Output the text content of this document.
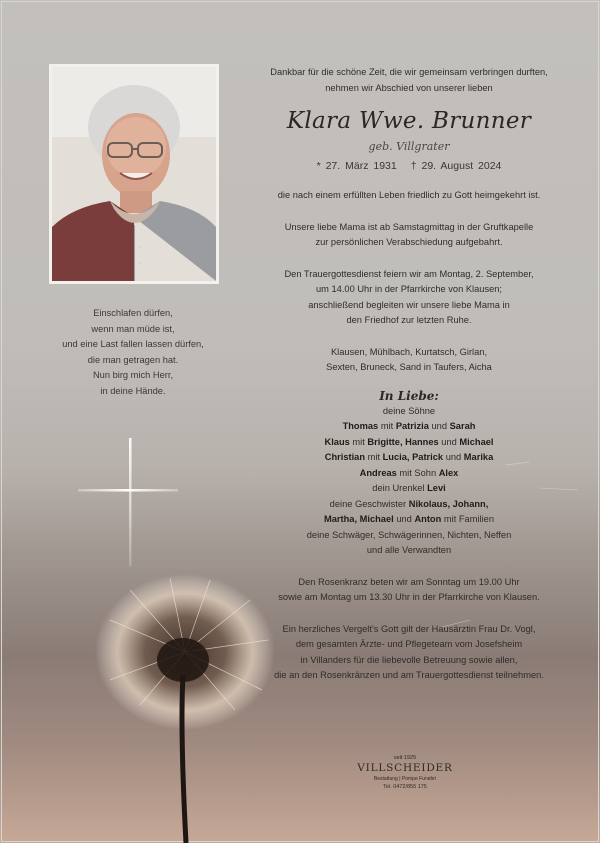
Einschlafen dürfen,
wenn man müde ist,
und eine Last fallen lassen dürfen,
die man getragen hat.
Nun birg mich Herr,
in deine Hände.
Dankbar für die schöne Zeit, die wir gemeinsam verbringen durften,
nehmen wir Abschied von unserer lieben
Klara Wwe. Brunner
geb. Villgrater
* 27. März 1931 † 29. August 2024
die nach einem erfüllten Leben friedlich zu Gott heimgekehrt ist.
Unsere liebe Mama ist ab Samstagmittag in der Gruftkapelle
zur persönlichen Verabschiedung aufgebahrt.
Den Trauergottesdienst feiern wir am Montag, 2. September,
um 14.00 Uhr in der Pfarrkirche von Klausen;
anschließend begleiten wir unsere liebe Mama in
den Friedhof zur letzten Ruhe.
Klausen, Mühlbach, Kurtatsch, Girlan,
Sexten, Bruneck, Sand in Taufers, Aicha
In Liebe:
deine Söhne
Thomas mit Patrizia und Sarah
Klaus mit Brigitte, Hannes und Michael
Christian mit Lucia, Patrick und Marika
Andreas mit Sohn Alex
dein Urenkel Levi
deine Geschwister Nikolaus, Johann,
Martha, Michael und Anton mit Familien
deine Schwäger, Schwägerinnen, Nichten, Neffen
und alle Verwandten
Den Rosenkranz beten wir am Sonntag um 19.00 Uhr
sowie am Montag um 13.30 Uhr in der Pfarrkirche von Klausen.
Ein herzliches Vergelt's Gott gilt der Hausärztin Frau Dr. Vogl,
dem gesamten Ärzte- und Pflegeteam vom Josefsheim
in Villanders für die liebevolle Betreuung sowie allen,
die an den Rosenkränzen und am Trauergottesdienst teilnehmen.
seit 1925
VILLSCHEIDER
Bestattung | Pompe Funebri
Tel. 0472/855 175
